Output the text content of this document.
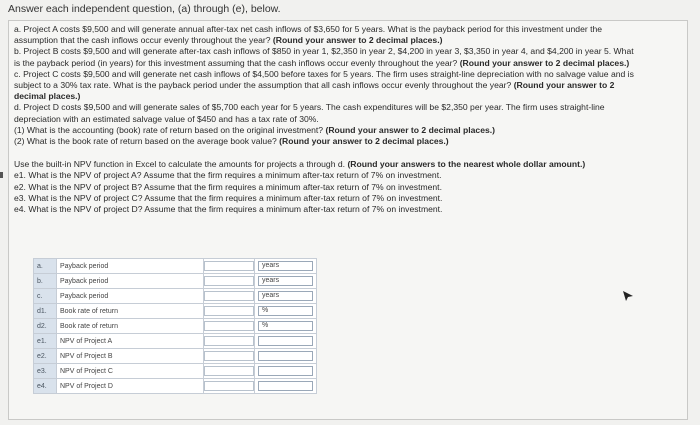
Answer each independent question, (a) through (e), below.

a. Project A costs $9,500 and will generate annual after-tax net cash inflows of $3,650 for 5 years. What is the payback period for this investment under the assumption that the cash inflows occur evenly throughout the year? (Round your answer to 2 decimal places.)

b. Project B costs $9,500 and will generate after-tax cash inflows of $850 in year 1, $2,350 in year 2, $4,200 in year 3, $3,350 in year 4, and $4,200 in year 5. What is the payback period (in years) for this investment assuming that the cash inflows occur evenly throughout the year? (Round your answer to 2 decimal places.)

c. Project C costs $9,500 and will generate net cash inflows of $4,500 before taxes for 5 years. The firm uses straight-line depreciation with no salvage value and is subject to a 30% tax rate. What is the payback period under the assumption that all cash inflows occur evenly throughout the year? (Round your answer to 2 decimal places.)

d. Project D costs $9,500 and will generate sales of $5,700 each year for 5 years. The cash expenditures will be $2,350 per year. The firm uses straight-line depreciation with an estimated salvage value of $450 and has a tax rate of 30%.

(1) What is the accounting (book) rate of return based on the original investment? (Round your answer to 2 decimal places.)

(2) What is the book rate of return based on the average book value? (Round your answer to 2 decimal places.)

Use the built-in NPV function in Excel to calculate the amounts for projects a through d. (Round your answers to the nearest whole dollar amount.)

e1. What is the NPV of project A? Assume that the firm requires a minimum after-tax return of 7% on investment.

e2. What is the NPV of project B? Assume that the firm requires a minimum after-tax return of 7% on investment.

e3. What is the NPV of project C? Assume that the firm requires a minimum after-tax return of 7% on investment.

e4. What is the NPV of project D? Assume that the firm requires a minimum after-tax return of 7% on investment.

a.	Payback period		years

b.	Payback period		years

c.	Payback period		years

d1.	Book rate of return		%

d2.	Book rate of return		%

e1.	NPV of Project A	

e2.	NPV of Project B	

e3.	NPV of Project C	

e4.	NPV of Project D	
